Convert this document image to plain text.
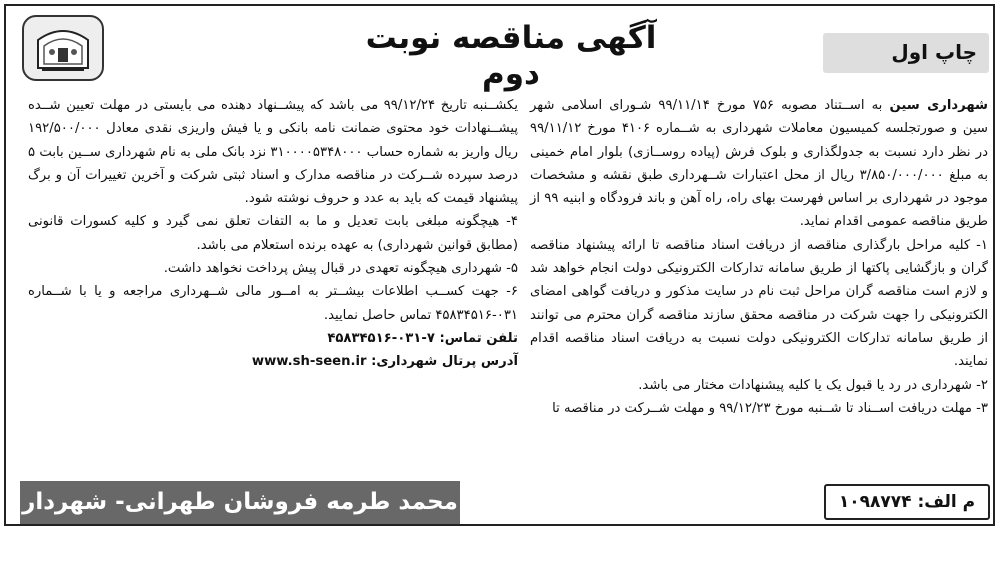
آگهی مناقصه نوبت دوم
چاپ اول

شهرداری سین به اســتناد مصوبه ۷۵۶ مورخ ۹۹/۱۱/۱۴ شـورای اسلامی شهر سین و صورتجلسه کمیسیون معاملات شهرداری به شــماره ۴۱۰۶ مورخ ۹۹/۱۱/۱۲ در نظر دارد نسبت به جدولگذاری و بلوک فرش (پیاده روســازی) بلوار امام خمینی به مبلغ ۳/۸۵۰/۰۰۰/۰۰۰ ریال از محل اعتبارات شــهرداری طبق نقشه و مشخصات موجود در شهرداری بر اساس فهرست بهای راه، راه آهن و باند فرودگاه و ابنیه ۹۹ از طریق مناقصه عمومی اقدام نماید.

۱- کلیه مراحل بارگذاری مناقصه از دریافت اسناد مناقصه تا ارائه پیشنهاد مناقصه گران و بازگشایی پاکتها از طریق سامانه تدارکات الکترونیکی دولت انجام خواهد شد و لازم است مناقصه گران مراحل ثبت نام در سایت مذکور و دریافت گواهی امضای الکترونیکی را جهت شرکت در مناقصه محقق سازند مناقصه گران محترم می توانند از طریق سامانه تدارکات الکترونیکی دولت نسبت به دریافت اسناد مناقصه اقدام نمایند.

۲- شهرداری در رد یا قبول یک یا کلیه پیشنهادات مختار می باشد.

۳- مهلت دریافت اســناد تا شــنبه مورخ ۹۹/۱۲/۲۳ و مهلت شــرکت در مناقصه تا

یکشــنبه تاریخ ۹۹/۱۲/۲۴ می باشد که پیشــنهاد دهنده می بایستی در مهلت تعیین شــده پیشــنهادات خود محتوی ضمانت نامه بانکی و یا فیش واریزی نقدی معادل ۱۹۲/۵۰۰/۰۰۰ ریال واریز به شماره حساب ۳۱۰۰۰۰۵۳۴۸۰۰۰ نزد بانک ملی به نام شهرداری ســین بابت ۵ درصد سپرده شــرکت در مناقصه مدارک و اسناد ثبتی شرکت و آخرین تغییرات آن و برگ پیشنهاد قیمت که باید به عدد و حروف نوشته شود.

۴- هیچگونه مبلغی بابت تعدیل و ما به التفات تعلق نمی گیرد و کلیه کسورات قانونی (مطابق قوانین شهرداری) به عهده برنده استعلام می باشد.

۵- شهرداری هیچگونه تعهدی در قبال پیش پرداخت نخواهد داشت.

۶- جهت کســب اطلاعات بیشــتر به امــور مالی شــهرداری مراجعه و یا با شــماره ۰۳۱-۴۵۸۳۴۵۱۶ تماس حاصل نمایید.

تلفن تماس: ۷-۰۳۱-۴۵۸۳۴۵۱۶

آدرس پرتال شهرداری: www.sh-seen.ir

محمد طرمه فروشان طهرانی- شهردار سین
م الف: ۱۰۹۸۷۷۴
